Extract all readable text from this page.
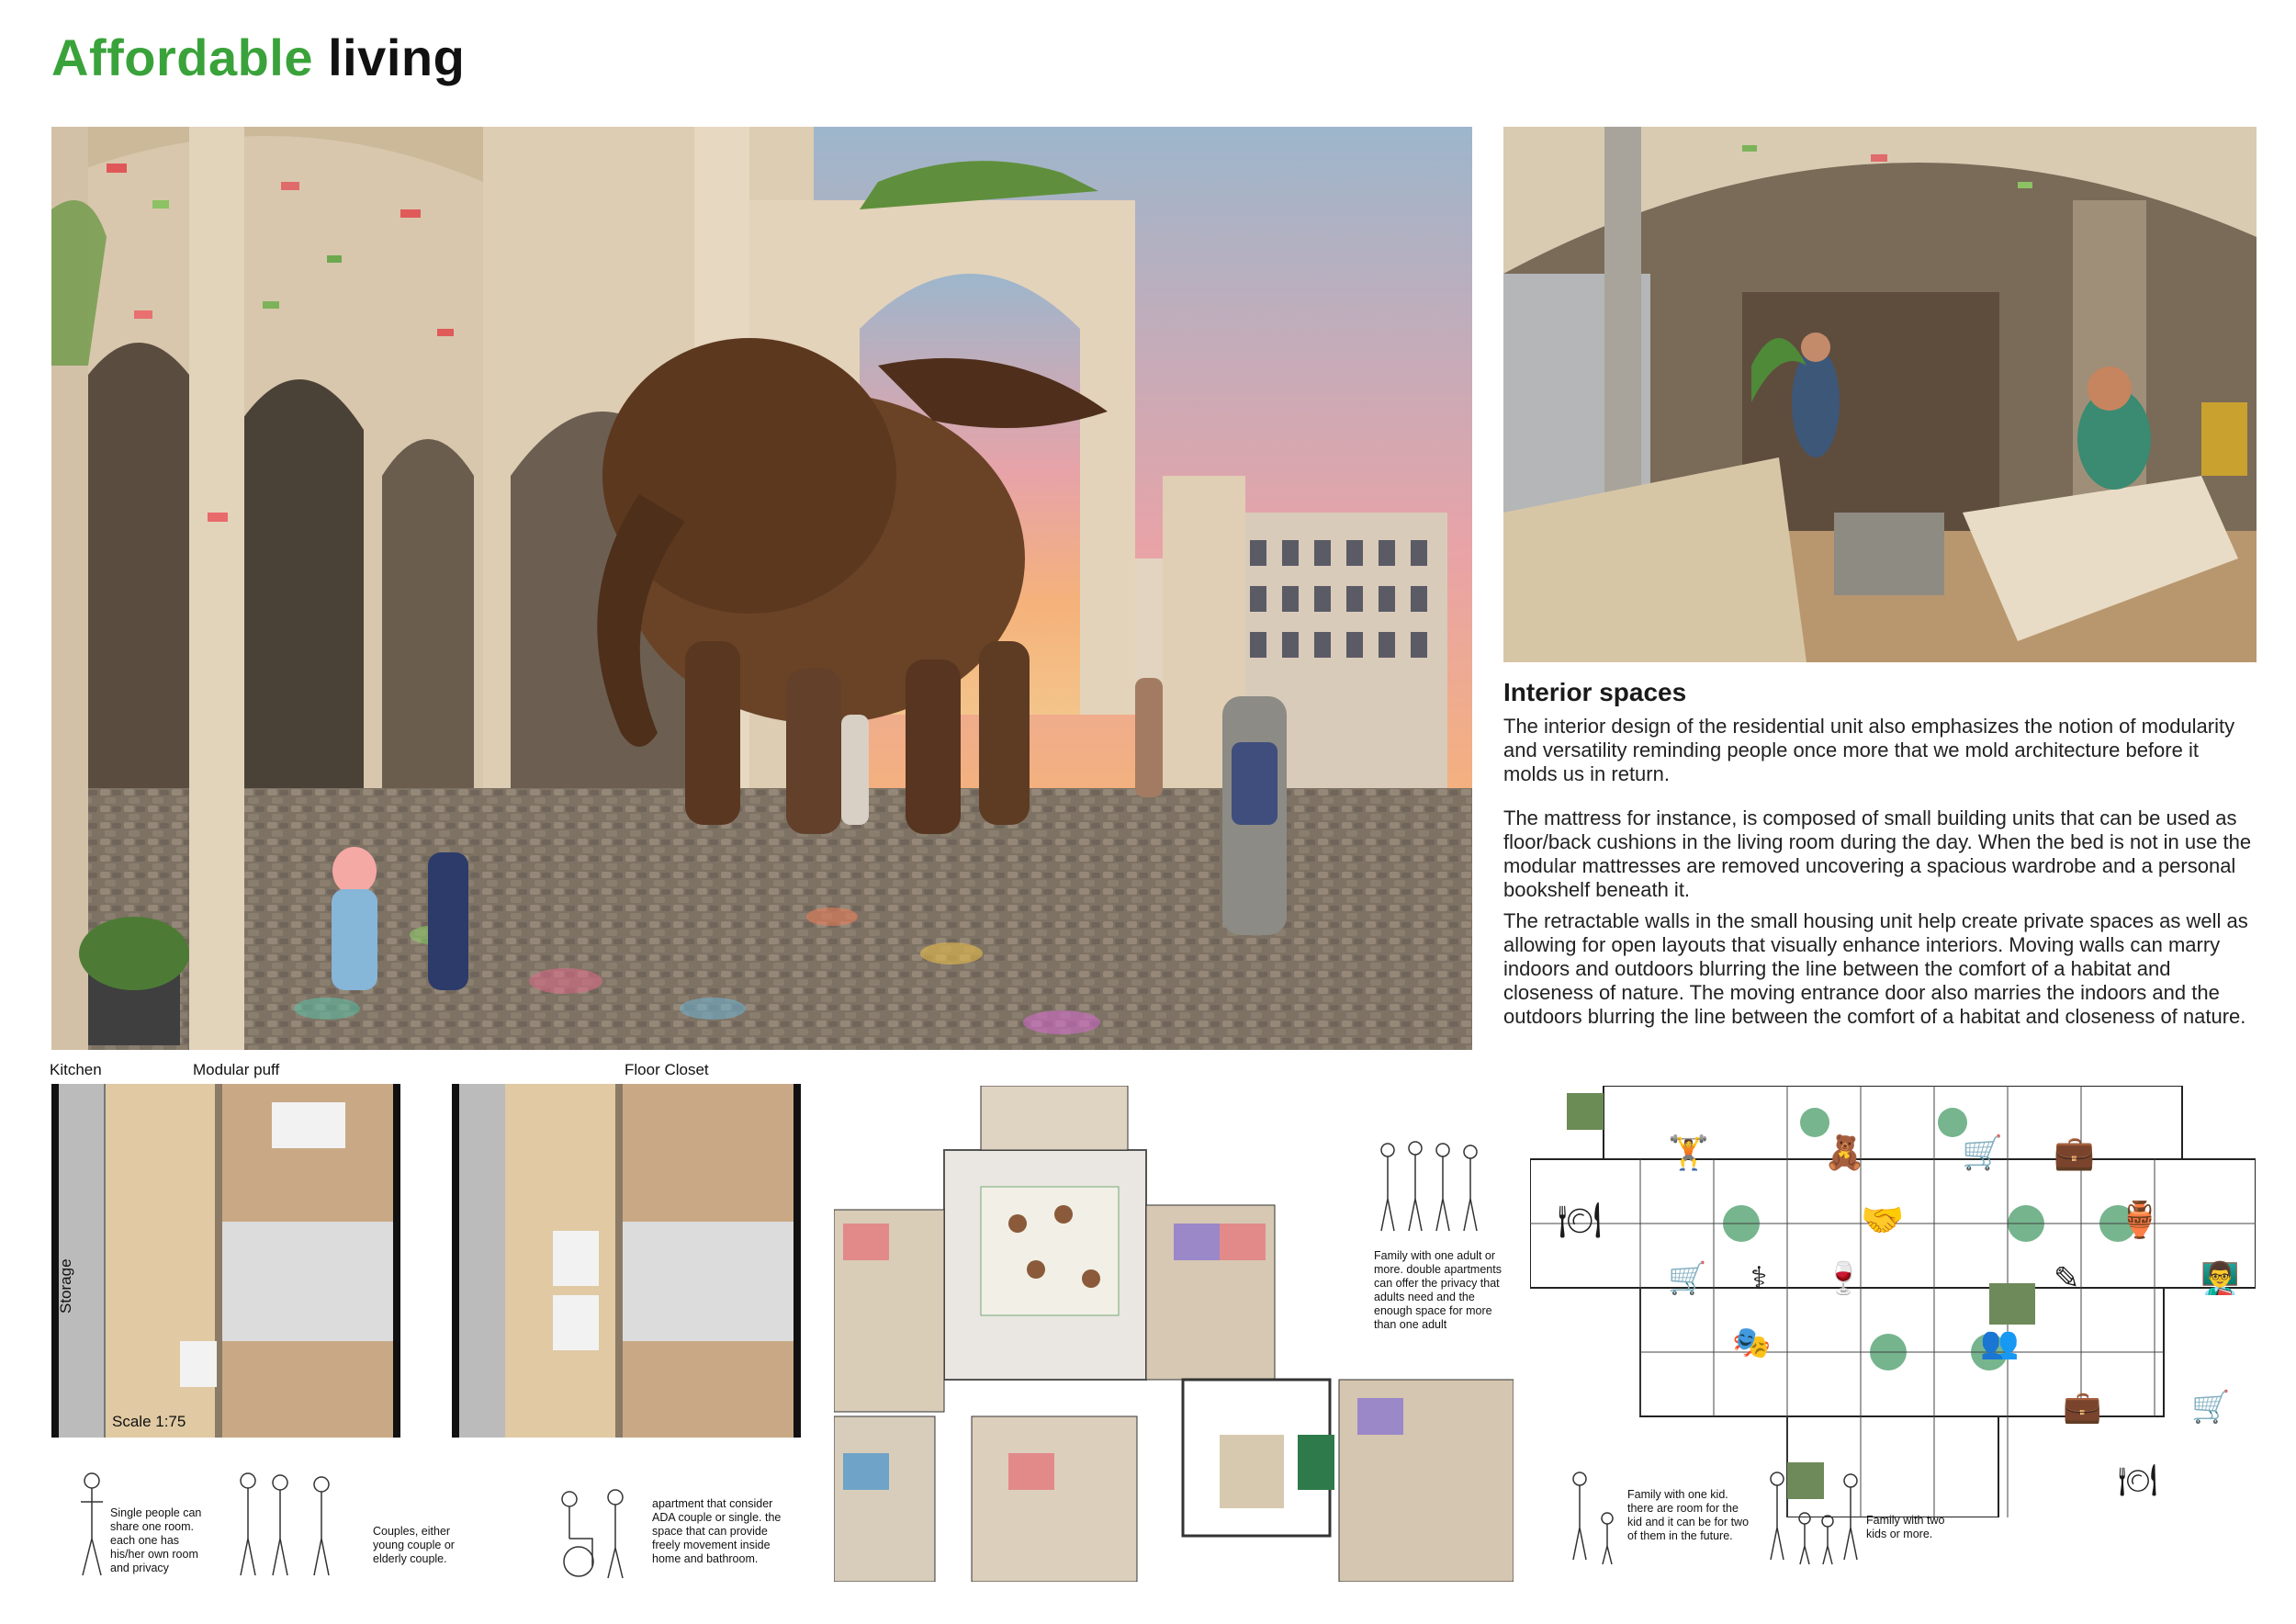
Affordable living
Interior spaces
The interior design of the residential unit also emphasizes the notion of modularity and versatility reminding people once more that we mold architecture before it molds us in return.
The mattress for instance, is composed of small building units that can be used as floor/back cushions in the living room during the day. When the bed is not in use the modular mattresses are removed uncovering a spacious wardrobe and a personal bookshelf beneath it.
The retractable walls in the small housing unit help create private spaces as well as allowing for open layouts that visually enhance interiors. Moving walls can marry indoors and outdoors blurring the line between the comfort of a habitat and closeness of nature. The moving entrance door also marries the indoors and the outdoors blurring the line between the comfort of a habitat and closeness of nature.
Kitchen	Modular puff
Storage
Scale 1:75
Floor Closet
Single people can share one room. each one has his/her own room and privacy
Couples, either young couple or elderly couple.
apartment that consider ADA couple or single. the space that can provide freely movement inside home and bathroom.
Family with one adult or more. double apartments can offer the privacy that adults need and the enough space for more than one adult
🏋	🧸	🛒 💼
🍽	🤝	🏺
⚕
🛒	🍷	✎	👨‍🏫
🎭	👥
💼	🛒
🍽
Family with one kid. there are room for the kid and it can be for two of them in the future.
Family with two kids or more.
